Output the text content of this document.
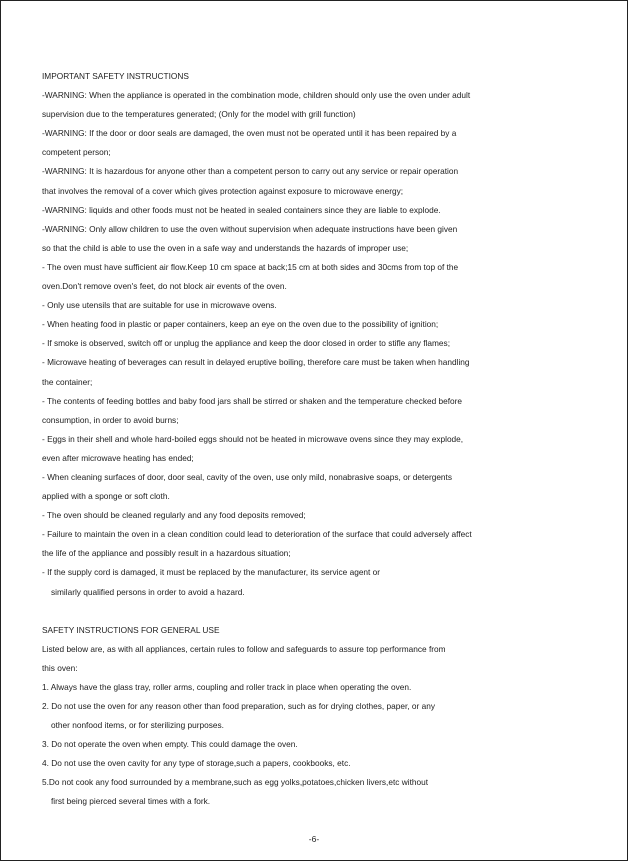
IMPORTANT SAFETY INSTRUCTIONS
-WARNING: When the appliance is operated in the combination mode, children should only use the oven under adult
supervision due to the temperatures generated; (Only for the model with grill function)
-WARNING: If the door or door seals are damaged, the oven must not be operated until it has been repaired by a
competent person;
-WARNING: It is hazardous for anyone other than a competent person to carry out any service or repair operation
that involves the removal of a cover which gives protection against exposure to microwave energy;
-WARNING: liquids and other foods must not be heated in sealed containers since they are liable to explode.
-WARNING: Only allow children to use the oven without supervision when adequate instructions have been given
so that the child is able to use the oven in a safe way and understands the hazards of improper use;
- The oven must have sufficient air flow.Keep 10 cm space at back;15 cm at both sides and 30cms from top of the
oven.Don't remove oven's feet, do not block air events of the oven.
- Only use utensils that are suitable for use in microwave ovens.
- When heating food in plastic or paper containers, keep an eye on the oven due to the possibility of ignition;
- If smoke is observed, switch off or unplug the appliance and keep the door closed in order to stifle any flames;
- Microwave heating of beverages can result in delayed eruptive boiling, therefore care must be taken when handling
the container;
- The contents of feeding bottles and baby food jars shall be stirred or shaken and the temperature checked before
consumption, in order to avoid burns;
- Eggs in their shell and whole hard-boiled eggs should not be heated in microwave ovens since they may explode,
even after microwave heating has ended;
- When cleaning surfaces of door, door seal, cavity of the oven, use only mild, nonabrasive soaps, or detergents
applied with a sponge or soft cloth.
- The oven should be cleaned regularly and any food deposits removed;
- Failure to maintain the oven in a clean condition could lead to deterioration of the surface that could adversely affect
the life of the appliance and possibly result in a hazardous situation;
- If the supply cord is damaged, it must be replaced by the manufacturer, its service agent or
similarly qualified persons in order to avoid a hazard.
SAFETY INSTRUCTIONS FOR GENERAL USE
Listed below are, as with all appliances, certain rules to follow and safeguards to assure top performance from
this oven:
1. Always have the glass tray, roller arms, coupling and roller track in place when operating the oven.
2. Do not use the oven for any reason other than food preparation, such as for drying clothes, paper, or any
other nonfood items, or for sterilizing purposes.
3. Do not operate the oven when empty. This could damage the oven.
4. Do not use the oven cavity for any type of storage,such a papers, cookbooks, etc.
5.Do not cook any food surrounded by a membrane,such as egg yolks,potatoes,chicken livers,etc without
first being pierced several times with a fork.
-6-
